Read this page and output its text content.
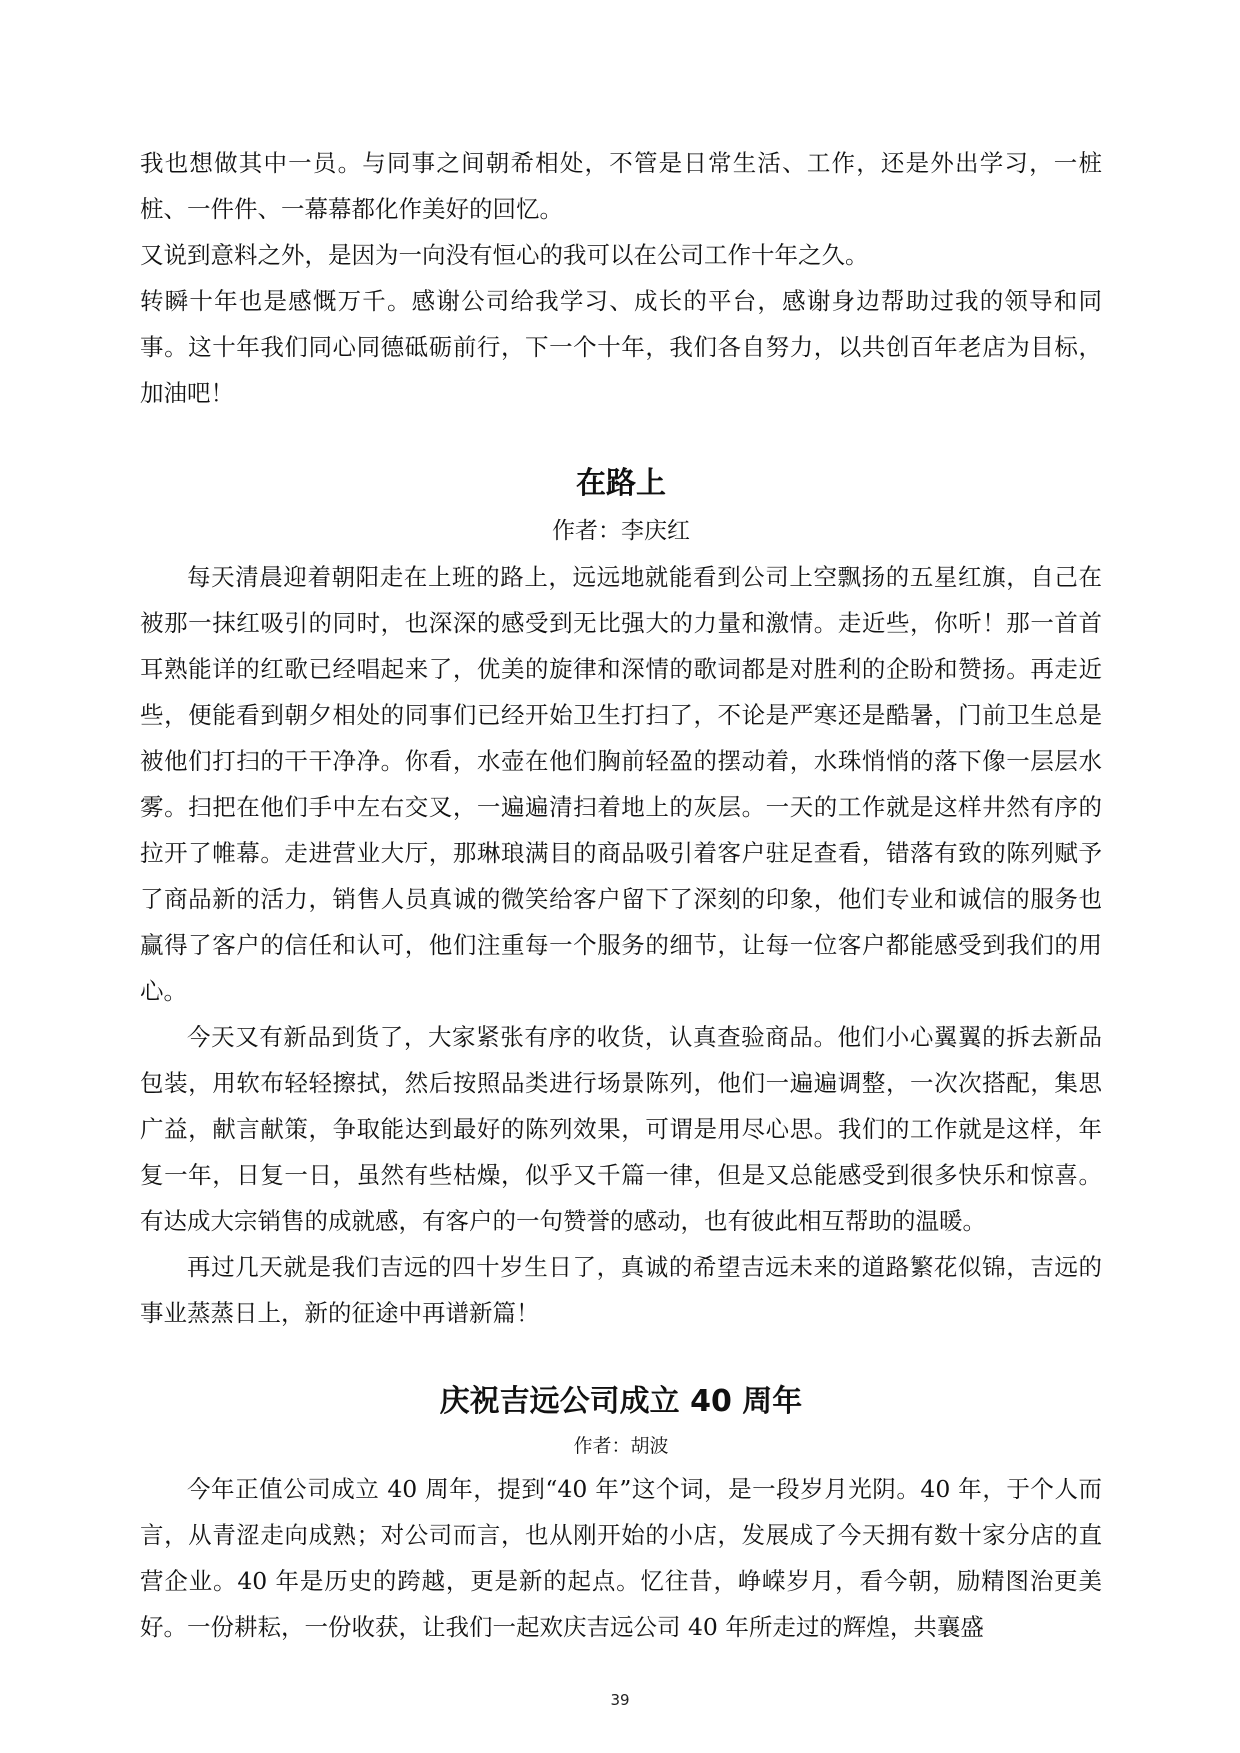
我也想做其中一员。与同事之间朝希相处，不管是日常生活、工作，还是外出学习，一桩桩、一件件、一幕幕都化作美好的回忆。

又说到意料之外，是因为一向没有恒心的我可以在公司工作十年之久。

转瞬十年也是感慨万千。感谢公司给我学习、成长的平台，感谢身边帮助过我的领导和同事。这十年我们同心同德砥砺前行，下一个十年，我们各自努力，以共创百年老店为目标，加油吧！

在路上

作者：李庆红

每天清晨迎着朝阳走在上班的路上，远远地就能看到公司上空飘扬的五星红旗，自己在被那一抹红吸引的同时，也深深的感受到无比强大的力量和激情。走近些，你听！那一首首耳熟能详的红歌已经唱起来了，优美的旋律和深情的歌词都是对胜利的企盼和赞扬。再走近些，便能看到朝夕相处的同事们已经开始卫生打扫了，不论是严寒还是酷暑，门前卫生总是被他们打扫的干干净净。你看，水壶在他们胸前轻盈的摆动着，水珠悄悄的落下像一层层水雾。扫把在他们手中左右交叉，一遍遍清扫着地上的灰层。一天的工作就是这样井然有序的拉开了帷幕。走进营业大厅，那琳琅满目的商品吸引着客户驻足查看，错落有致的陈列赋予了商品新的活力，销售人员真诚的微笑给客户留下了深刻的印象，他们专业和诚信的服务也赢得了客户的信任和认可，他们注重每一个服务的细节，让每一位客户都能感受到我们的用心。

今天又有新品到货了，大家紧张有序的收货，认真查验商品。他们小心翼翼的拆去新品包装，用软布轻轻擦拭，然后按照品类进行场景陈列，他们一遍遍调整，一次次搭配，集思广益，献言献策，争取能达到最好的陈列效果，可谓是用尽心思。我们的工作就是这样，年复一年，日复一日，虽然有些枯燥，似乎又千篇一律，但是又总能感受到很多快乐和惊喜。有达成大宗销售的成就感，有客户的一句赞誉的感动，也有彼此相互帮助的温暖。

再过几天就是我们吉远的四十岁生日了，真诚的希望吉远未来的道路繁花似锦，吉远的事业蒸蒸日上，新的征途中再谱新篇！

庆祝吉远公司成立 40 周年

作者：胡波

今年正值公司成立 40 周年，提到“40 年”这个词，是一段岁月光阴。40 年，于个人而言，从青涩走向成熟；对公司而言，也从刚开始的小店，发展成了今天拥有数十家分店的直营企业。40 年是历史的跨越，更是新的起点。忆往昔，峥嵘岁月，看今朝，励精图治更美好。一份耕耘，一份收获，让我们一起欢庆吉远公司 40 年所走过的辉煌，共襄盛

39
